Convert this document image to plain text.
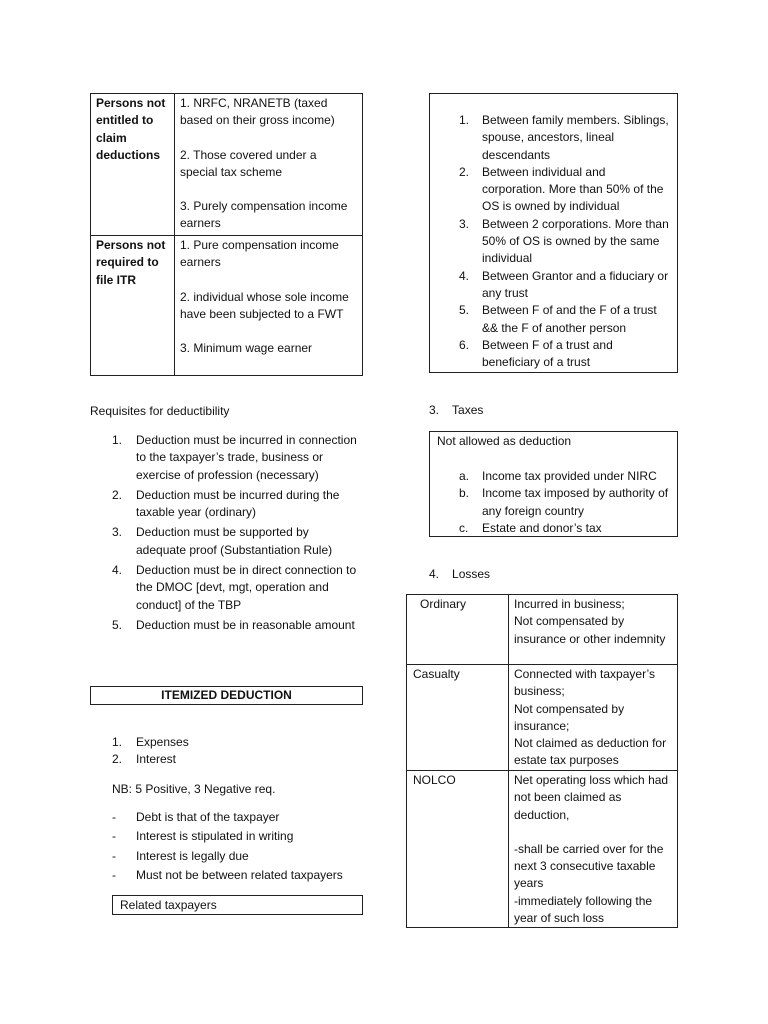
Persons not entitled to claim deductions	1. NRFC, NRANETB (taxed based on their gross income)
2. Those covered under a special tax scheme
3. Purely compensation income earners

Persons not required to file ITR	1. Pure compensation income earners
2. individual whose sole income have been subjected to a FWT
3. Minimum wage earner
Requisites for deductibility
1. Deduction must be incurred in connection to the taxpayer’s trade, business or exercise of profession (necessary)
2. Deduction must be incurred during the taxable year (ordinary)
3. Deduction must be supported by adequate proof (Substantiation Rule)
4. Deduction must be in direct connection to the DMOC [devt, mgt, operation and conduct] of the TBP
5. Deduction must be in reasonable amount
ITEMIZED DEDUCTION
1. Expenses
2. Interest
NB: 5 Positive, 3 Negative req.
- Debt is that of the taxpayer
- Interest is stipulated in writing
- Interest is legally due
- Must not be between related taxpayers
Related taxpayers
1. Between family members. Siblings, spouse, ancestors, lineal descendants
2. Between individual and corporation. More than 50% of the OS is owned by individual
3. Between 2 corporations. More than 50% of OS is owned by the same individual
4. Between Grantor and a fiduciary or any trust
5. Between F of and the F of a trust && the F of another person
6. Between F of a trust and beneficiary of a trust
3. Taxes
Not allowed as deduction
a. Income tax provided under NIRC
b. Income tax imposed by authority of any foreign country
c. Estate and donor’s tax
4. Losses
Ordinary	Incurred in business;
Not compensated by insurance or other indemnity

Casualty	Connected with taxpayer’s business;
Not compensated by insurance;
Not claimed as deduction for estate tax purposes

NOLCO	Net operating loss which had not been claimed as deduction,
-shall be carried over for the next 3 consecutive taxable years
-immediately following the year of such loss
